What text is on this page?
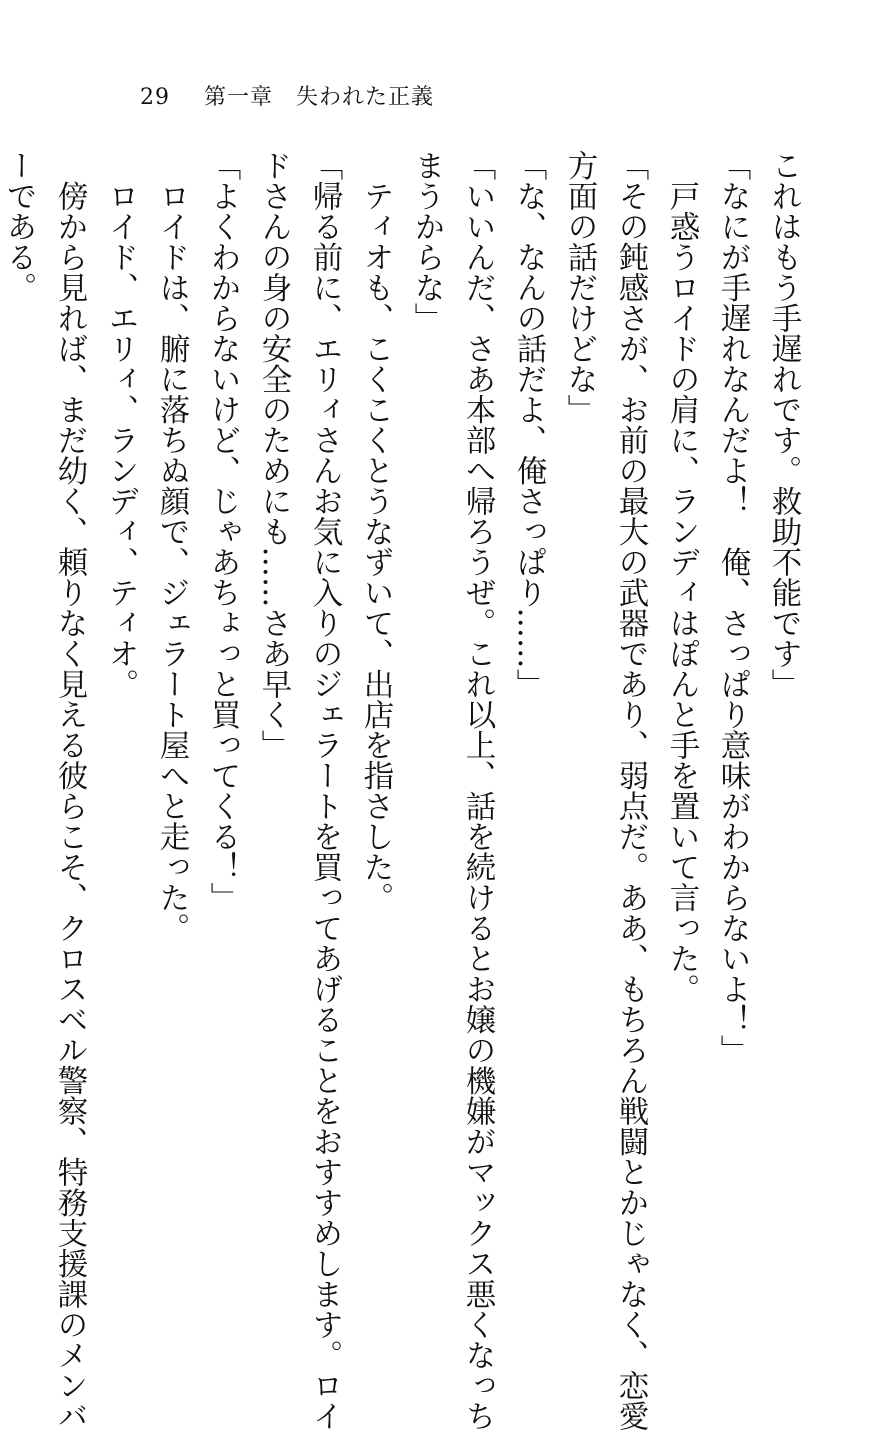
29 第一章　失われた正義

これはもう手遅れです。救助不能です」

「なにが手遅れなんだよ！　俺、さっぱり意味がわからないよ！」

　戸惑うロイドの肩に、ランディはぽんと手を置いて言った。

「その鈍感さが、お前の最大の武器であり、弱点だ。ああ、もちろん戦闘とかじゃなく、恋愛

方面の話だけどな」

「な、なんの話だよ、俺さっぱり……」

「いいんだ、さあ本部へ帰ろうぜ。これ以上、話を続けるとお嬢の機嫌がマックス悪くなっち

まうからな」

　ティオも、こくこくとうなずいて、出店を指さした。

「帰る前に、エリィさんお気に入りのジェラートを買ってあげることをおすすめします。ロイ

ドさんの身の安全のためにも……さあ早く」

「よくわからないけど、じゃあちょっと買ってくる！」

　ロイドは、腑に落ちぬ顔で、ジェラート屋へと走った。

　ロイド、エリィ、ランディ、ティオ。

　傍から見れば、まだ幼く、頼りなく見える彼らこそ、クロスベル警察、特務支援課のメンバ

ーである。
